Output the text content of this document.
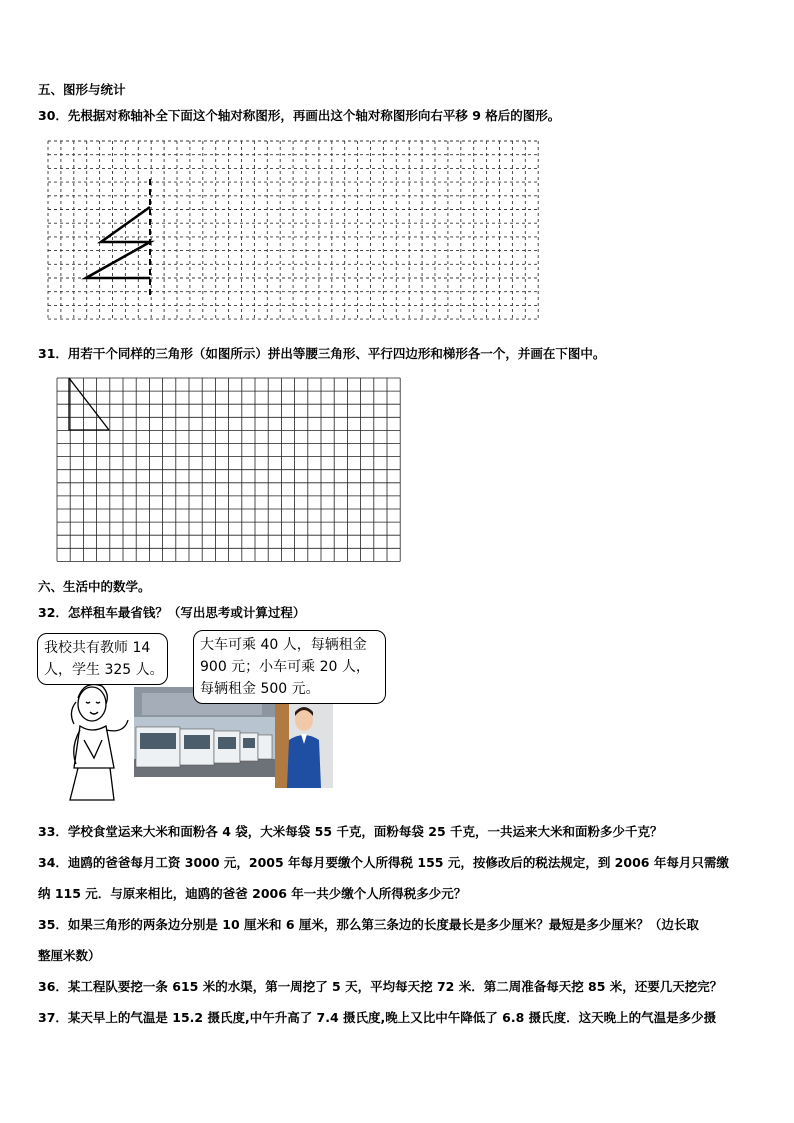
五、图形与统计
30．先根据对称轴补全下面这个轴对称图形，再画出这个轴对称图形向右平移 9 格后的图形。
31．用若干个同样的三角形（如图所示）拼出等腰三角形、平行四边形和梯形各一个，并画在下图中。
六、生活中的数学。
32．怎样租车最省钱？（写出思考或计算过程）
我校共有教师 14
人，学生 325 人。
大车可乘 40 人，每辆租金
900 元；小车可乘 20 人，
每辆租金 500 元。
33．学校食堂运来大米和面粉各 4 袋，大米每袋 55 千克，面粉每袋 25 千克，一共运来大米和面粉多少千克？
34．迪鸥的爸爸每月工资 3000 元，2005 年每月要缴个人所得税 155 元，按修改后的税法规定，到 2006 年每月只需缴
纳 115 元．与原来相比，迪鸥的爸爸 2006 年一共少缴个人所得税多少元？
35．如果三角形的两条边分别是 10 厘米和 6 厘米，那么第三条边的长度最长是多少厘米？最短是多少厘米？（边长取
整厘米数）
36．某工程队要挖一条 615 米的水渠，第一周挖了 5 天，平均每天挖 72 米．第二周准备每天挖 85 米，还要几天挖完？
37．某天早上的气温是 15.2 摄氏度,中午升高了 7.4 摄氏度,晚上又比中午降低了 6.8 摄氏度．这天晚上的气温是多少摄
